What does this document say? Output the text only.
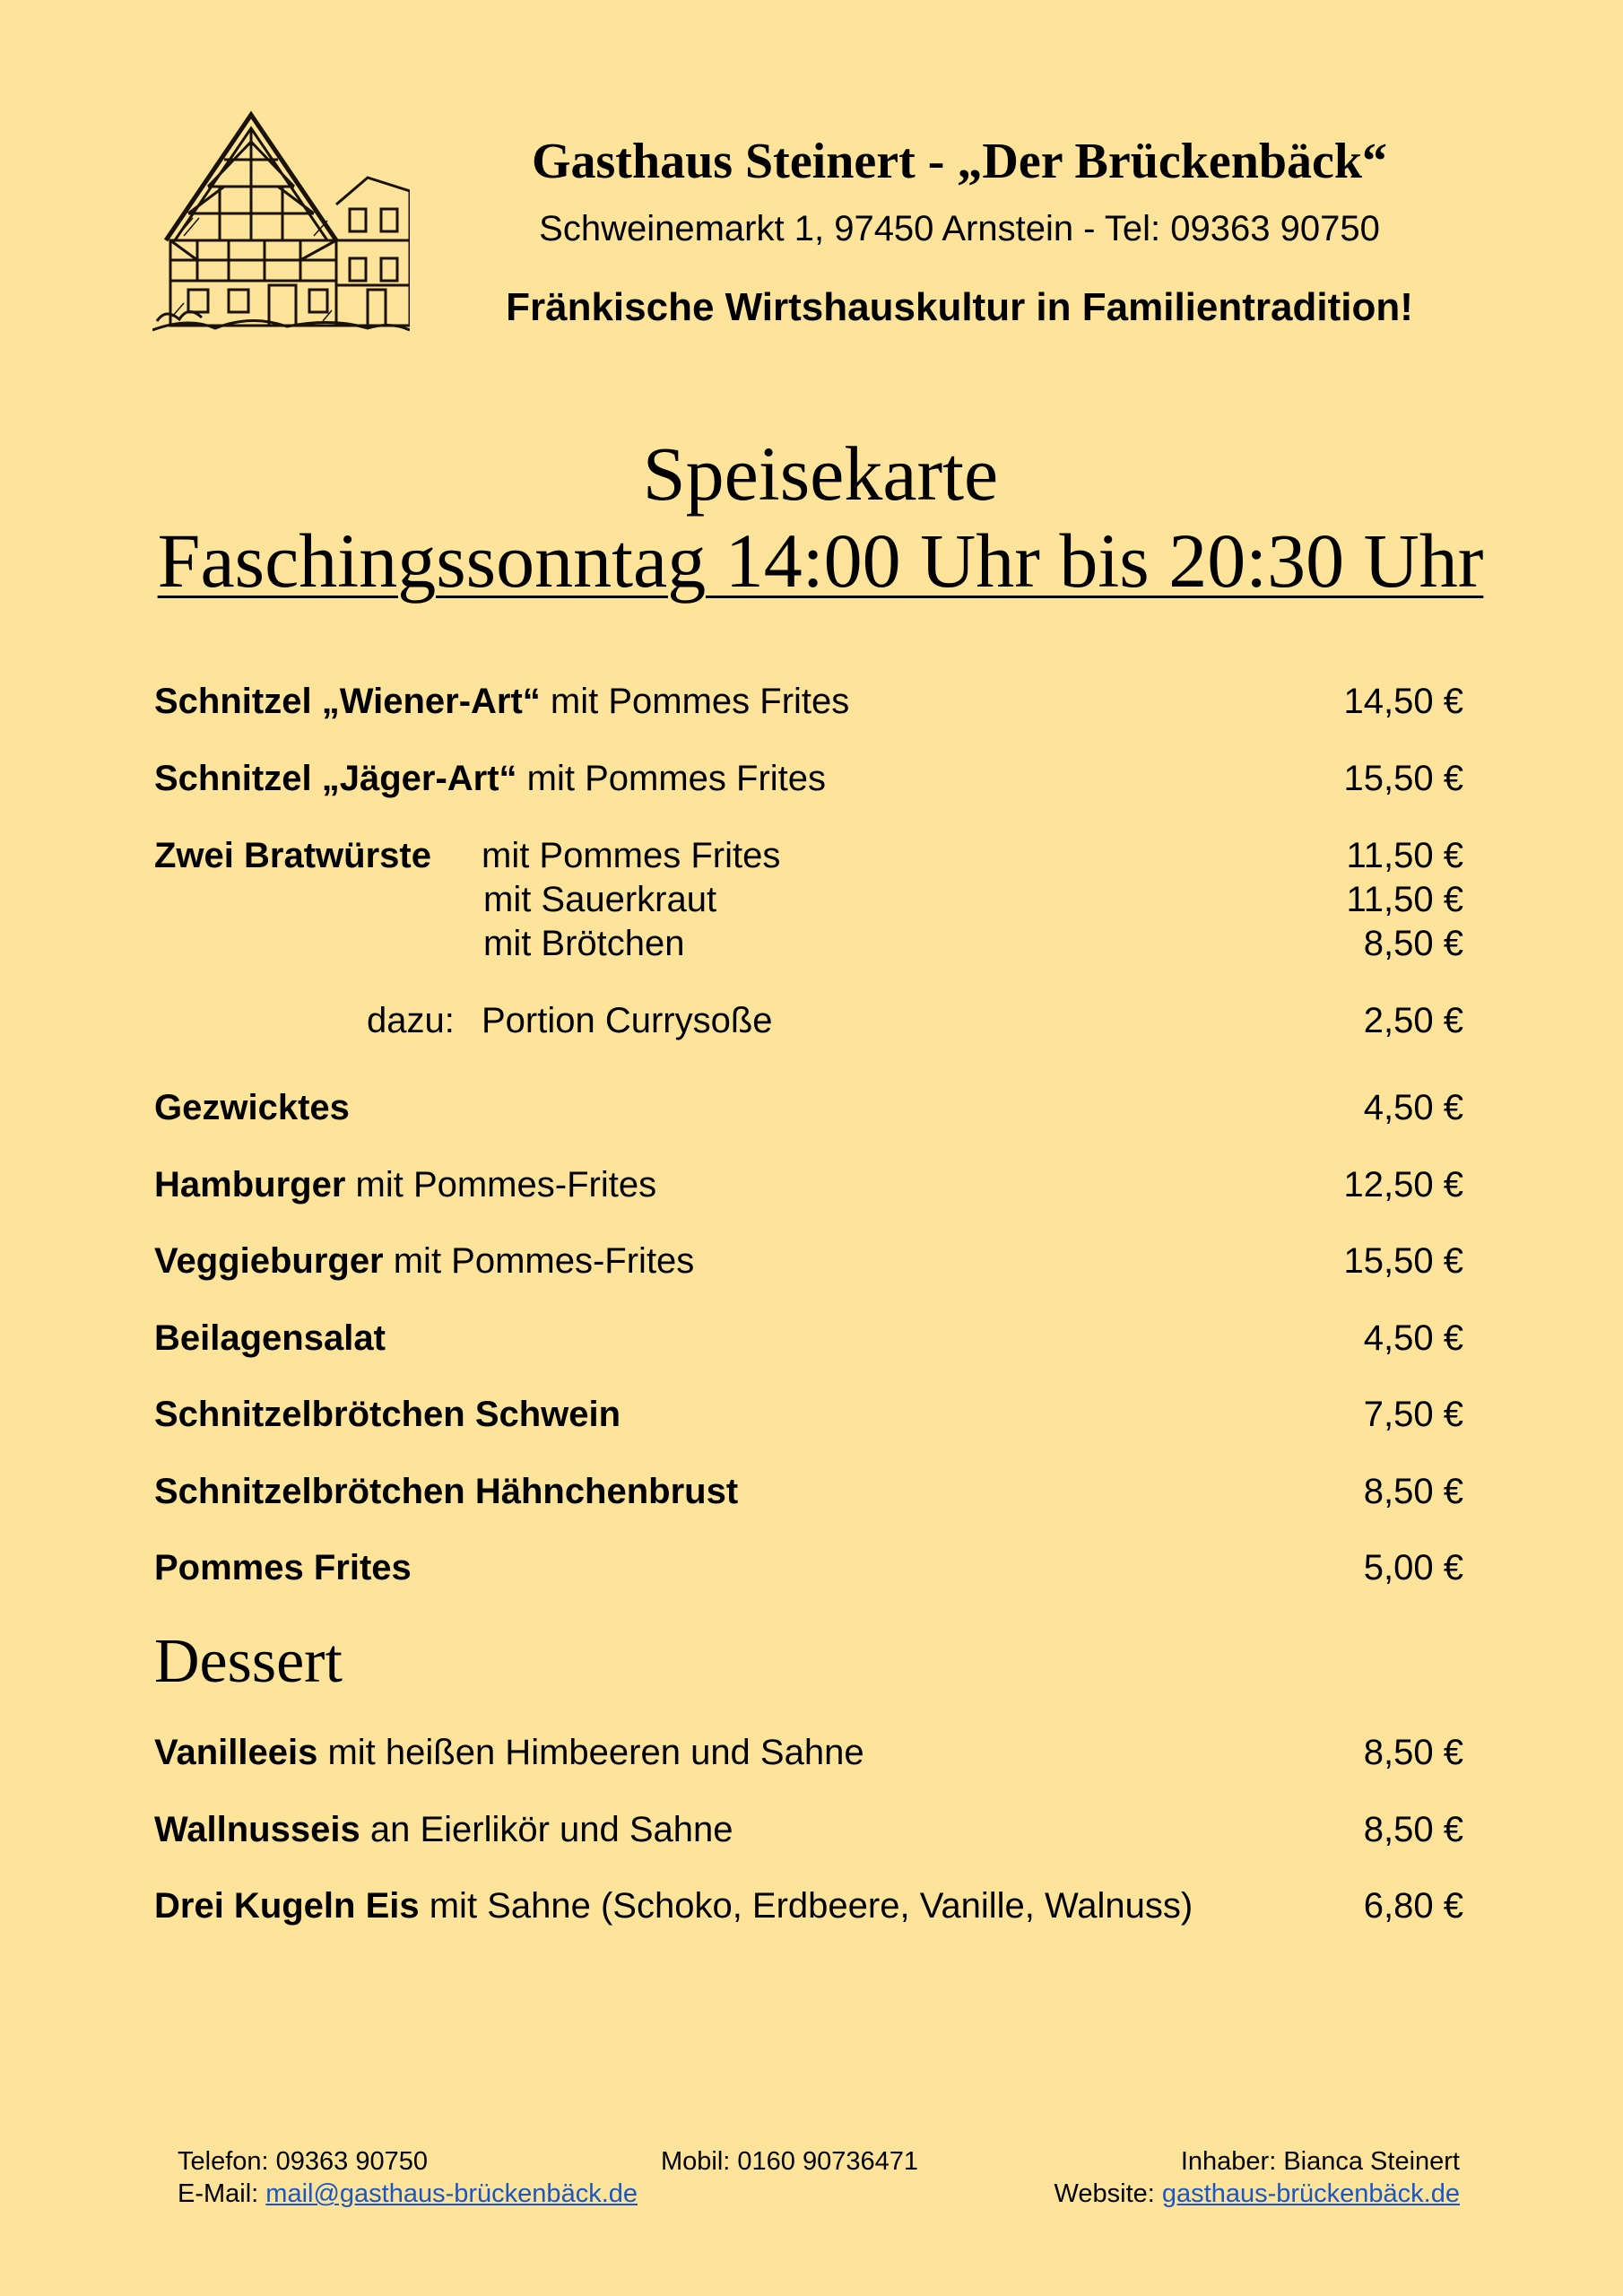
Gasthaus Steinert - „Der Brückenbäck“
Schweinemarkt 1, 97450 Arnstein - Tel: 09363 90750
Fränkische Wirtshauskultur in Familientradition!
Speisekarte
Faschingssonntag 14:00 Uhr bis 20:30 Uhr
Schnitzel „Wiener-Art“ mit Pommes Frites	14,50 €
Schnitzel „Jäger-Art“ mit Pommes Frites	15,50 €
Zwei Bratwürste mit Pommes Frites	11,50 €
mit Sauerkraut	11,50 €
mit Brötchen	8,50 €
dazu: Portion Currysoße	2,50 €
Gezwicktes	4,50 €
Hamburger mit Pommes-Frites	12,50 €
Veggieburger mit Pommes-Frites	15,50 €
Beilagensalat	4,50 €
Schnitzelbrötchen Schwein	7,50 €
Schnitzelbrötchen Hähnchenbrust	8,50 €
Pommes Frites	5,00 €
Dessert
Vanilleeis mit heißen Himbeeren und Sahne	8,50 €
Wallnusseis an Eierlikör und Sahne	8,50 €
Drei Kugeln Eis mit Sahne (Schoko, Erdbeere, Vanille, Walnuss)	6,80 €
Telefon: 09363 90750
E-Mail: mail@gasthaus-brückenbäck.de
Mobil: 0160 90736471	Inhaber: Bianca Steinert
Website: gasthaus-brückenbäck.de
